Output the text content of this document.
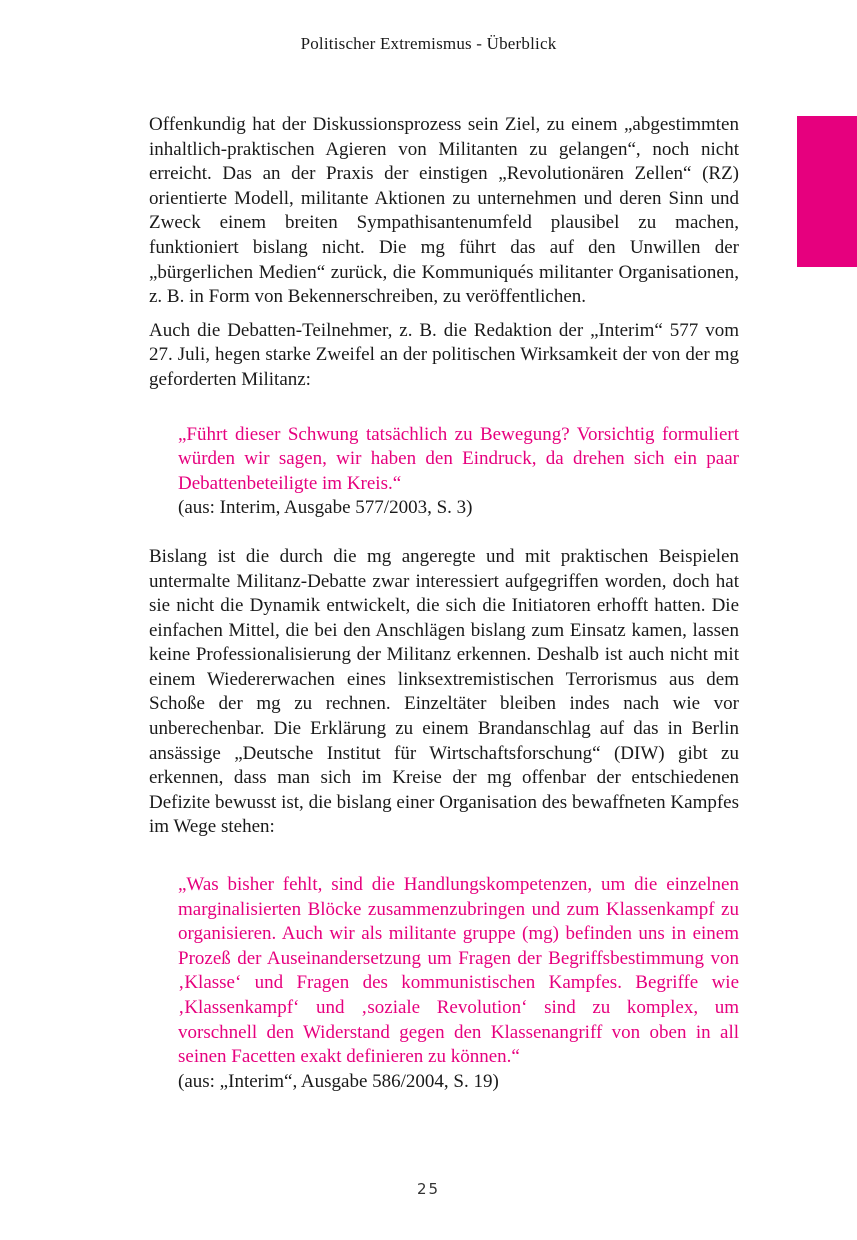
Politischer Extremismus - Überblick

Offenkundig hat der Diskussionsprozess sein Ziel, zu einem „abgestimmten inhaltlich-praktischen Agieren von Militanten zu gelangen“, noch nicht erreicht. Das an der Praxis der einstigen „Revolutionären Zellen“ (RZ) orientierte Modell, militante Aktionen zu unternehmen und deren Sinn und Zweck einem breiten Sympathisantenumfeld plausibel zu machen, funktioniert bislang nicht. Die mg führt das auf den Unwillen der „bürgerlichen Medien“ zurück, die Kommuniqués militanter Organisationen, z. B. in Form von Bekennerschreiben, zu veröffentlichen.

Auch die Debatten-Teilnehmer, z. B. die Redaktion der „Interim“ 577 vom 27. Juli, hegen starke Zweifel an der politischen Wirksamkeit der von der mg geforderten Militanz:

„Führt dieser Schwung tatsächlich zu Bewegung? Vorsichtig formuliert würden wir sagen, wir haben den Eindruck, da drehen sich ein paar Debattenbeteiligte im Kreis.“
(aus: Interim, Ausgabe 577/2003, S. 3)

Bislang ist die durch die mg angeregte und mit praktischen Beispielen untermalte Militanz-Debatte zwar interessiert aufgegriffen worden, doch hat sie nicht die Dynamik entwickelt, die sich die Initiatoren erhofft hatten. Die einfachen Mittel, die bei den Anschlägen bislang zum Einsatz kamen, lassen keine Professionalisierung der Militanz erkennen. Deshalb ist auch nicht mit einem Wiedererwachen eines linksextremistischen Terrorismus aus dem Schoße der mg zu rechnen. Einzeltäter bleiben indes nach wie vor unberechenbar. Die Erklärung zu einem Brandanschlag auf das in Berlin ansässige „Deutsche Institut für Wirtschaftsforschung“ (DIW) gibt zu erkennen, dass man sich im Kreise der mg offenbar der entschiedenen Defizite bewusst ist, die bislang einer Organisation des bewaffneten Kampfes im Wege stehen:

„Was bisher fehlt, sind die Handlungskompetenzen, um die einzelnen marginalisierten Blöcke zusammenzubringen und zum Klassenkampf zu organisieren. Auch wir als militante gruppe (mg) befinden uns in einem Prozeß der Auseinandersetzung um Fragen der Begriffsbestimmung von ‚Klasse‘ und Fragen des kommunistischen Kampfes. Begriffe wie ‚Klassenkampf‘ und ‚soziale Revolution‘ sind zu komplex, um vorschnell den Widerstand gegen den Klassenangriff von oben in all seinen Facetten exakt definieren zu können.“
(aus: „Interim“, Ausgabe 586/2004, S. 19)
25
